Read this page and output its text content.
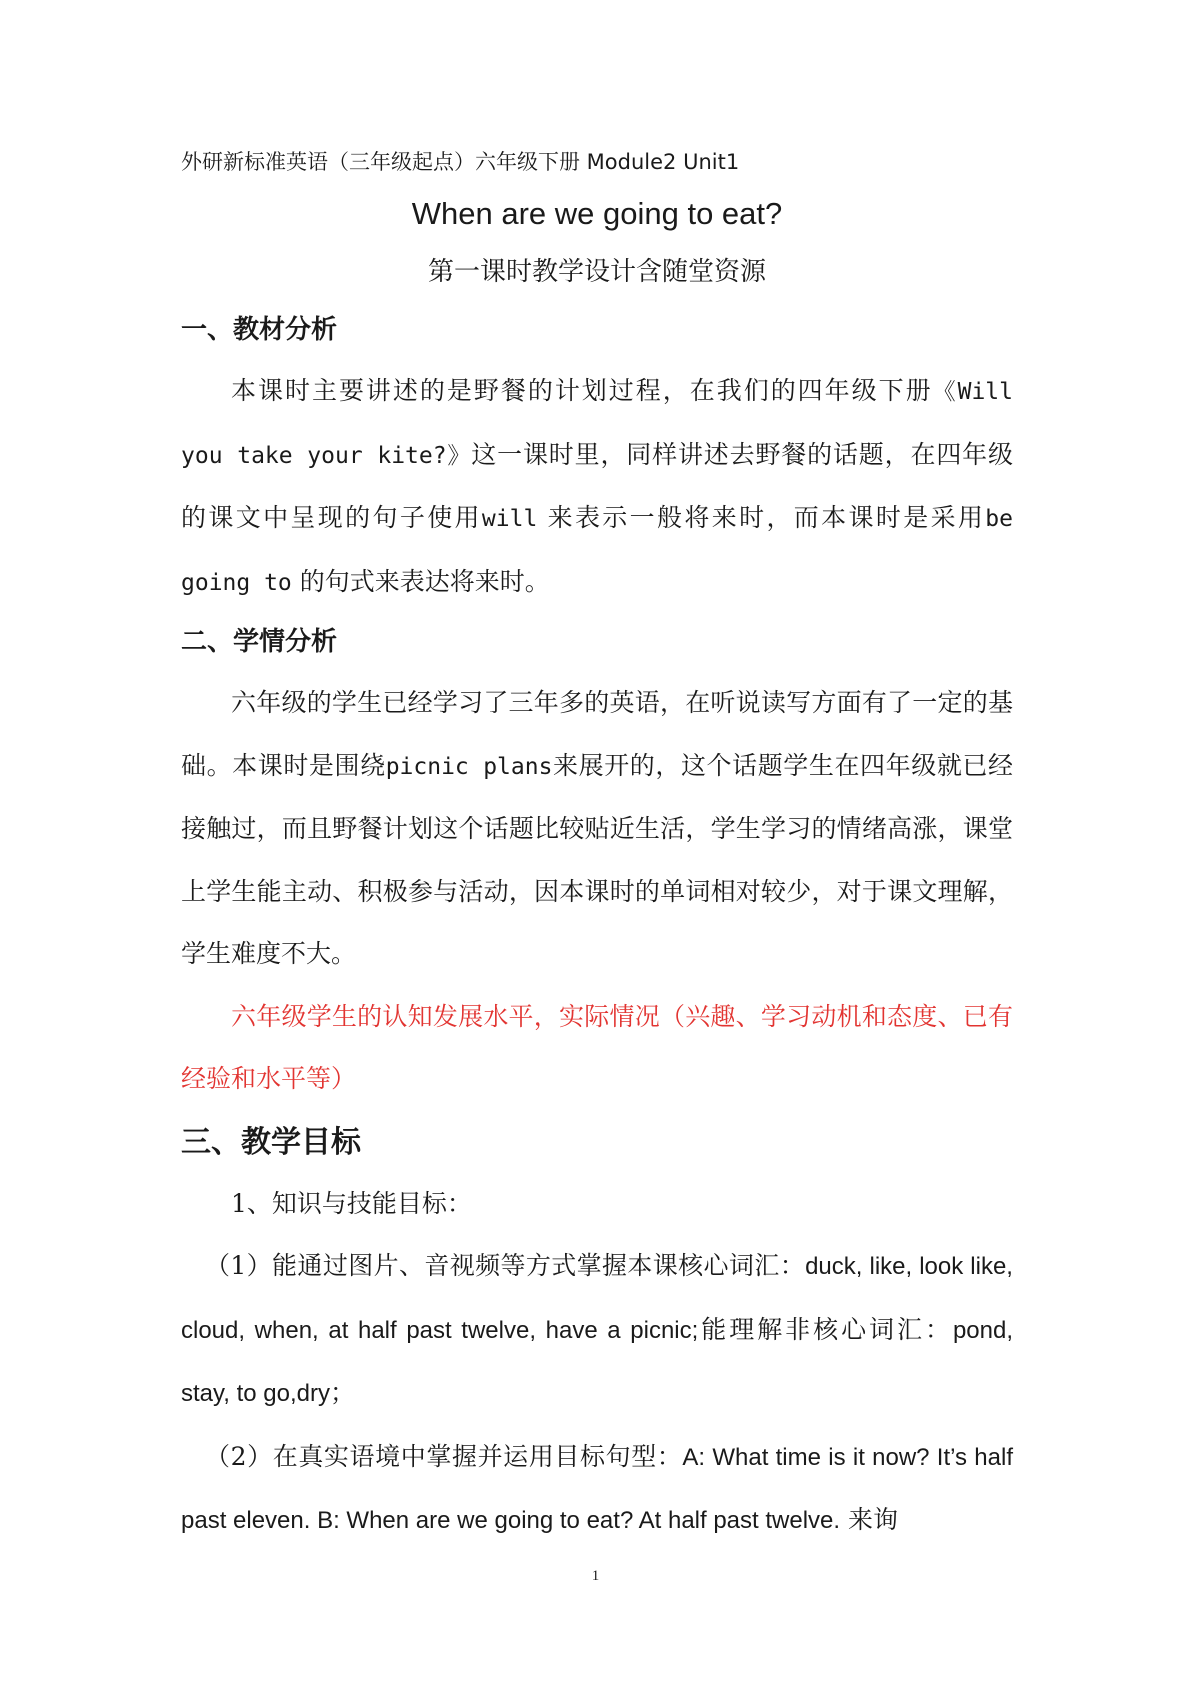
外研新标准英语（三年级起点）六年级下册 Module2 Unit1
When are we going to eat?
第一课时教学设计含随堂资源
一、教材分析

本课时主要讲述的是野餐的计划过程，在我们的四年级下册《Will you take your kite?》这一课时里，同样讲述去野餐的话题，在四年级的课文中呈现的句子使用will 来表示一般将来时，而本课时是采用be going to 的句式来表达将来时。

二、学情分析

六年级的学生已经学习了三年多的英语，在听说读写方面有了一定的基础。本课时是围绕picnic plans来展开的，这个话题学生在四年级就已经接触过，而且野餐计划这个话题比较贴近生活，学生学习的情绪高涨，课堂上学生能主动、积极参与活动，因本课时的单词相对较少，对于课文理解，学生难度不大。

六年级学生的认知发展水平，实际情况（兴趣、学习动机和态度、已有经验和水平等）

三、教学目标

1、知识与技能目标：

（1）能通过图片、音视频等方式掌握本课核心词汇：duck, like, look like, cloud, when, at half past twelve, have a picnic;能理解非核心词汇：pond, stay, to go,dry；

（2）在真实语境中掌握并运用目标句型：A: What time is it now? It’s half past eleven. B: When are we going to eat? At half past twelve. 来询

1
